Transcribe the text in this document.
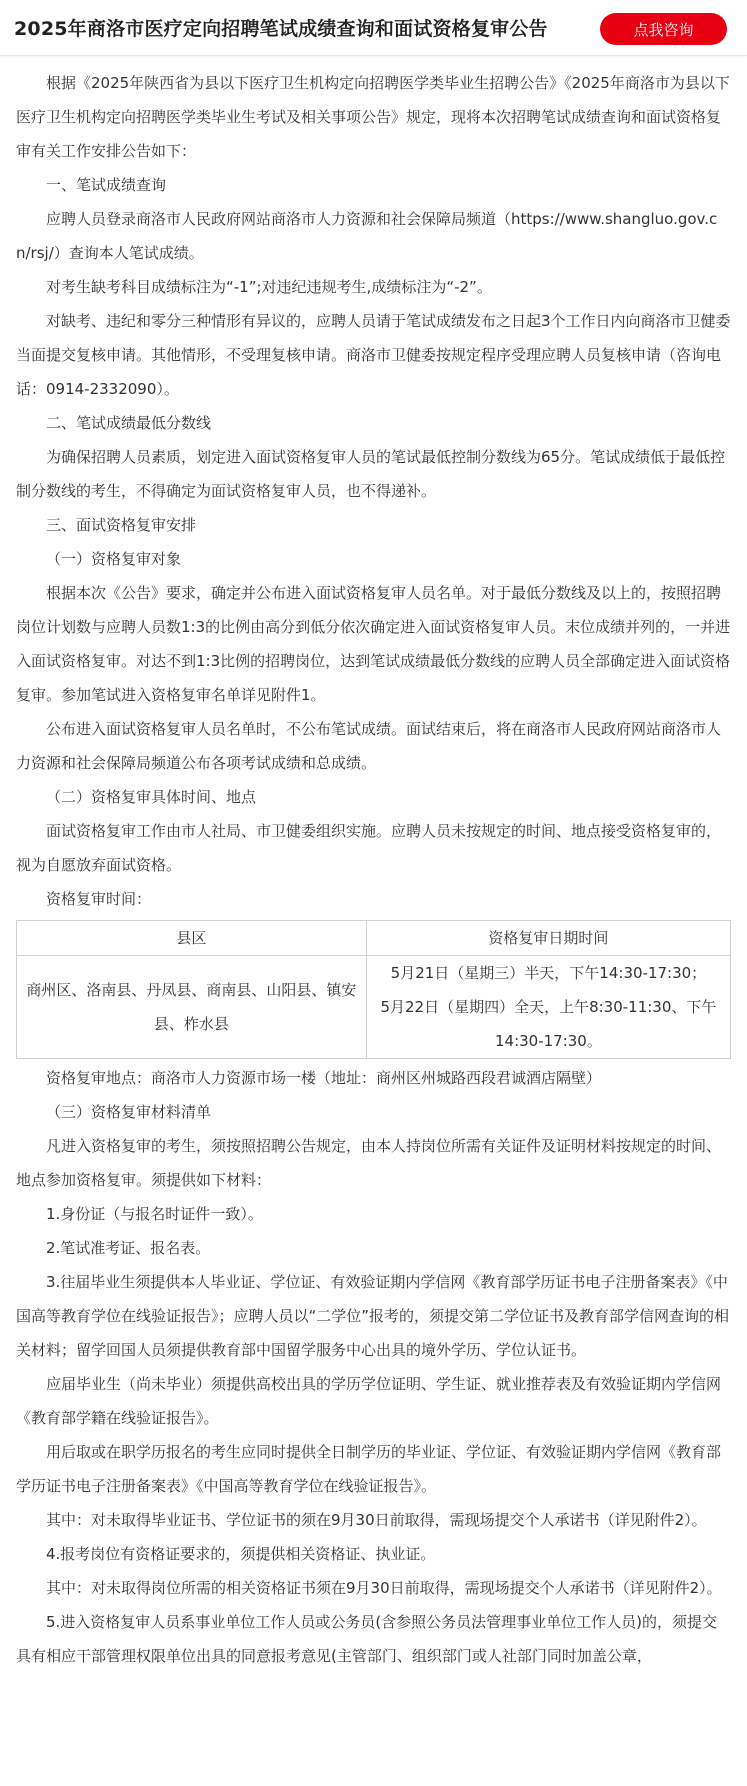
2025年商洛市医疗定向招聘笔试成绩查询和面试资格复审公告	点我咨询

根据《2025年陕西省为县以下医疗卫生机构定向招聘医学类毕业生招聘公告》《2025年商洛市为县以下医疗卫生机构定向招聘医学类毕业生考试及相关事项公告》规定，现将本次招聘笔试成绩查询和面试资格复审有关工作安排公告如下：

一、笔试成绩查询

应聘人员登录商洛市人民政府网站商洛市人力资源和社会保障局频道（https://www.shangluo.gov.cn/rsj/）查询本人笔试成绩。

对考生缺考科目成绩标注为“-1”;对违纪违规考生,成绩标注为“-2”。

对缺考、违纪和零分三种情形有异议的，应聘人员请于笔试成绩发布之日起3个工作日内向商洛市卫健委当面提交复核申请。其他情形，不受理复核申请。商洛市卫健委按规定程序受理应聘人员复核申请（咨询电话：0914-2332090）。

二、笔试成绩最低分数线

为确保招聘人员素质，划定进入面试资格复审人员的笔试最低控制分数线为65分。笔试成绩低于最低控制分数线的考生，不得确定为面试资格复审人员，也不得递补。

三、面试资格复审安排

（一）资格复审对象

根据本次《公告》要求，确定并公布进入面试资格复审人员名单。对于最低分数线及以上的，按照招聘岗位计划数与应聘人员数1:3的比例由高分到低分依次确定进入面试资格复审人员。末位成绩并列的，一并进入面试资格复审。对达不到1:3比例的招聘岗位，达到笔试成绩最低分数线的应聘人员全部确定进入面试资格复审。参加笔试进入资格复审名单详见附件1。

公布进入面试资格复审人员名单时，不公布笔试成绩。面试结束后，将在商洛市人民政府网站商洛市人力资源和社会保障局频道公布各项考试成绩和总成绩。

（二）资格复审具体时间、地点

面试资格复审工作由市人社局、市卫健委组织实施。应聘人员未按规定的时间、地点接受资格复审的，视为自愿放弃面试资格。

资格复审时间：

县区	资格复审日期时间
商州区、洛南县、丹凤县、商南县、山阳县、镇安县、柞水县	5月21日（星期三）半天，下午14:30-17:30；
5月22日（星期四）全天，上午8:30-11:30、下午14:30-17:30。

资格复审地点：商洛市人力资源市场一楼（地址：商州区州城路西段君诚酒店隔壁）

（三）资格复审材料清单

凡进入资格复审的考生，须按照招聘公告规定，由本人持岗位所需有关证件及证明材料按规定的时间、地点参加资格复审。须提供如下材料：

1.身份证（与报名时证件一致）。

2.笔试准考证、报名表。

3.往届毕业生须提供本人毕业证、学位证、有效验证期内学信网《教育部学历证书电子注册备案表》《中国高等教育学位在线验证报告》；应聘人员以“二学位”报考的，须提交第二学位证书及教育部学信网查询的相关材料；留学回国人员须提供教育部中国留学服务中心出具的境外学历、学位认证书。

应届毕业生（尚未毕业）须提供高校出具的学历学位证明、学生证、就业推荐表及有效验证期内学信网《教育部学籍在线验证报告》。

用后取或在职学历报名的考生应同时提供全日制学历的毕业证、学位证、有效验证期内学信网《教育部学历证书电子注册备案表》《中国高等教育学位在线验证报告》。

其中：对未取得毕业证书、学位证书的须在9月30日前取得，需现场提交个人承诺书（详见附件2）。

4.报考岗位有资格证要求的，须提供相关资格证、执业证。

其中：对未取得岗位所需的相关资格证书须在9月30日前取得，需现场提交个人承诺书（详见附件2）。

5.进入资格复审人员系事业单位工作人员或公务员(含参照公务员法管理事业单位工作人员)的，须提交具有相应干部管理权限单位出具的同意报考意见(主管部门、组织部门或人社部门同时加盖公章，
